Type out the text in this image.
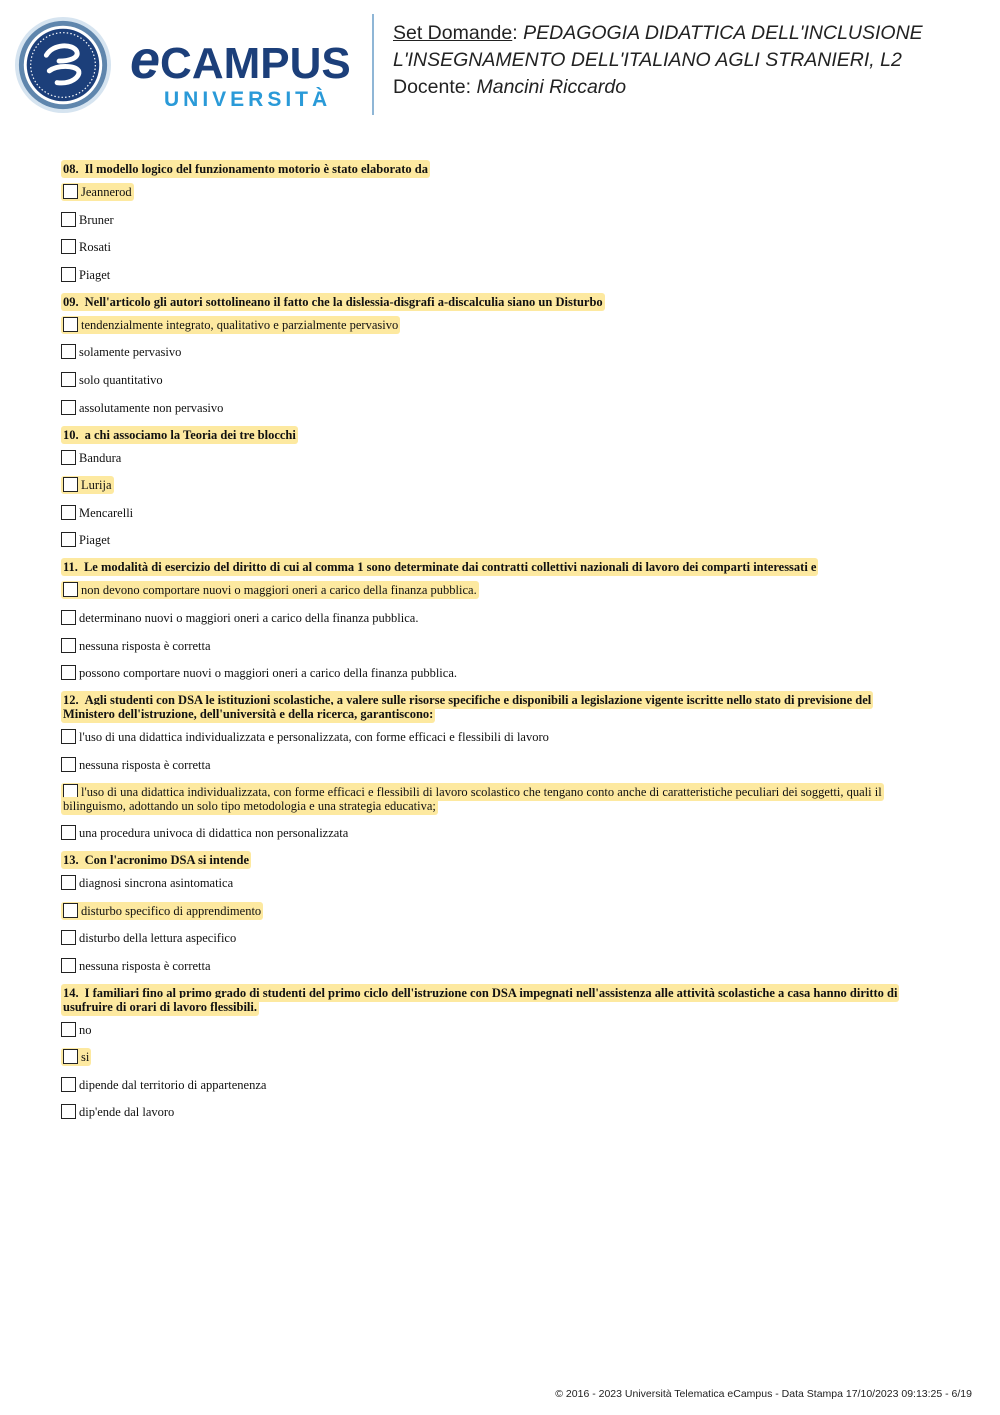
eCAMPUS
UNIVERSITÀ
Set Domande: PEDAGOGIA DIDATTICA DELL'INCLUSIONE
L'INSEGNAMENTO DELL'ITALIANO AGLI STRANIERI, L2
Docente: Mancini Riccardo
08. Il modello logico del funzionamento motorio è stato elaborato da
Jeannerod
Bruner
Rosati
Piaget
09. Nell'articolo gli autori sottolineano il fatto che la dislessia-disgrafi a-discalculia siano un Disturbo
tendenzialmente integrato, qualitativo e parzialmente pervasivo
solamente pervasivo
solo quantitativo
assolutamente non pervasivo
10. a chi associamo la Teoria dei tre blocchi
Bandura
Lurija
Mencarelli
Piaget
11. Le modalità di esercizio del diritto di cui al comma 1 sono determinate dai contratti collettivi nazionali di lavoro dei comparti interessati e
non devono comportare nuovi o maggiori oneri a carico della finanza pubblica.
determinano nuovi o maggiori oneri a carico della finanza pubblica.
nessuna risposta è corretta
possono comportare nuovi o maggiori oneri a carico della finanza pubblica.
12. Agli studenti con DSA le istituzioni scolastiche, a valere sulle risorse specifiche e disponibili a legislazione vigente iscritte nello stato di previsione del Ministero dell'istruzione, dell'università e della ricerca, garantiscono:
l'uso di una didattica individualizzata e personalizzata, con forme efficaci e flessibili di lavoro
nessuna risposta è corretta
l'uso di una didattica individualizzata, con forme efficaci e flessibili di lavoro scolastico che tengano conto anche di caratteristiche peculiari dei soggetti, quali il bilinguismo, adottando un solo tipo metodologia e una strategia educativa;
una procedura univoca di didattica non personalizzata
13. Con l'acronimo DSA si intende
diagnosi sincrona asintomatica
disturbo specifico di apprendimento
disturbo della lettura aspecifico
nessuna risposta è corretta
14. I familiari fino al primo grado di studenti del primo ciclo dell'istruzione con DSA impegnati nell'assistenza alle attività scolastiche a casa hanno diritto di usufruire di orari di lavoro flessibili.
no
si
dipende dal territorio di appartenenza
dip'ende dal lavoro
© 2016 - 2023 Università Telematica eCampus - Data Stampa 17/10/2023 09:13:25 - 6/19
